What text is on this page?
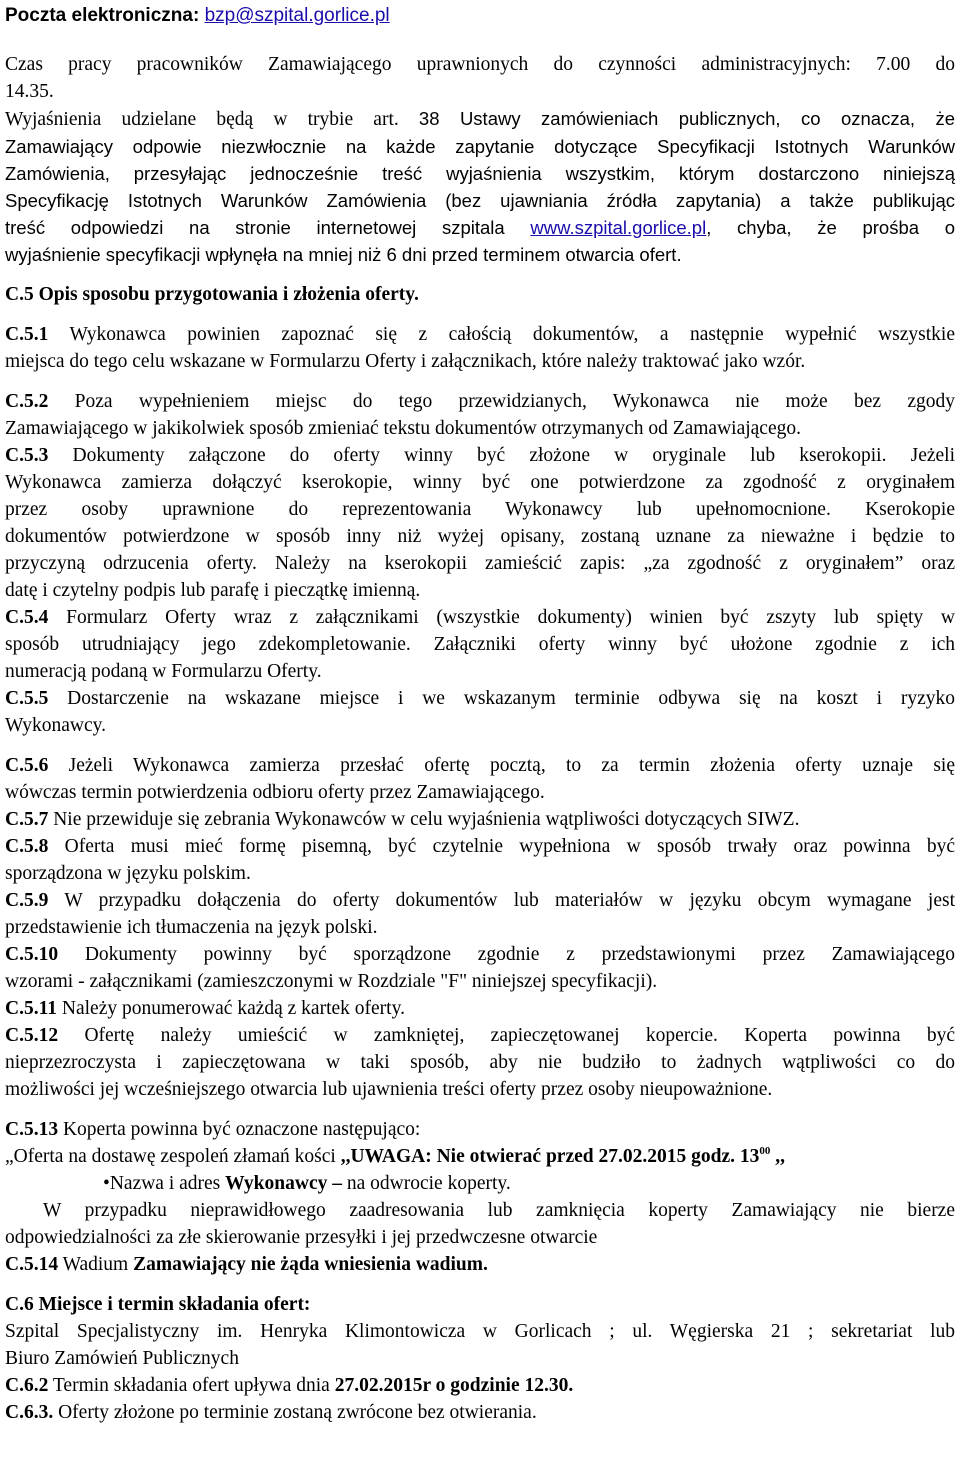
Poczta elektroniczna: bzp@szpital.gorlice.pl
Czas pracy pracowników Zamawiającego uprawnionych do czynności administracyjnych: 7.00 do
14.35.
Wyjaśnienia udzielane będą w trybie art. 38 Ustawy zamówieniach publicznych, co oznacza, że
Zamawiający odpowie niezwłocznie na każde zapytanie dotyczące Specyfikacji Istotnych Warunków
Zamówienia, przesyłając jednocześnie treść wyjaśnienia wszystkim, którym dostarczono niniejszą
Specyfikację Istotnych Warunków Zamówienia (bez ujawniania źródła zapytania) a także publikując
treść odpowiedzi na stronie internetowej szpitala www.szpital.gorlice.pl, chyba, że prośba o
wyjaśnienie specyfikacji wpłynęła na mniej niż 6 dni przed terminem otwarcia ofert.
C.5 Opis sposobu przygotowania i złożenia oferty.
C.5.1 Wykonawca powinien zapoznać się z całością dokumentów, a następnie wypełnić wszystkie
miejsca do tego celu wskazane w Formularzu Oferty i załącznikach, które należy traktować jako wzór.
C.5.2 Poza wypełnieniem miejsc do tego przewidzianych, Wykonawca nie może bez zgody
Zamawiającego w jakikolwiek sposób zmieniać tekstu dokumentów otrzymanych od Zamawiającego.
C.5.3 Dokumenty załączone do oferty winny być złożone w oryginale lub kserokopii. Jeżeli
Wykonawca zamierza dołączyć kserokopie, winny być one potwierdzone za zgodność z oryginałem
przez osoby uprawnione do reprezentowania Wykonawcy lub upełnomocnione. Kserokopie
dokumentów potwierdzone w sposób inny niż wyżej opisany, zostaną uznane za nieważne i będzie to
przyczyną odrzucenia oferty. Należy na kserokopii zamieścić zapis: „za zgodność z oryginałem” oraz
datę i czytelny podpis lub parafę i pieczątkę imienną.
C.5.4 Formularz Oferty wraz z załącznikami (wszystkie dokumenty) winien być zszyty lub spięty w
sposób utrudniający jego zdekompletowanie. Załączniki oferty winny być ułożone zgodnie z ich
numeracją podaną w Formularzu Oferty.
C.5.5 Dostarczenie na wskazane miejsce i we wskazanym terminie odbywa się na koszt i ryzyko
Wykonawcy.
C.5.6 Jeżeli Wykonawca zamierza przesłać ofertę pocztą, to za termin złożenia oferty uznaje się
wówczas termin potwierdzenia odbioru oferty przez Zamawiającego.
C.5.7 Nie przewiduje się zebrania Wykonawców w celu wyjaśnienia wątpliwości dotyczących SIWZ.
C.5.8 Oferta musi mieć formę pisemną, być czytelnie wypełniona w sposób trwały oraz powinna być
sporządzona w języku polskim.
C.5.9 W przypadku dołączenia do oferty dokumentów lub materiałów w języku obcym wymagane jest
przedstawienie ich tłumaczenia na język polski.
C.5.10 Dokumenty powinny być sporządzone zgodnie z przedstawionymi przez Zamawiającego
wzorami - załącznikami (zamieszczonymi w Rozdziale "F" niniejszej specyfikacji).
C.5.11 Należy ponumerować każdą z kartek oferty.
C.5.12 Ofertę należy umieścić w zamkniętej, zapieczętowanej kopercie. Koperta powinna być
nieprzezroczysta i zapieczętowana w taki sposób, aby nie budziło to żadnych wątpliwości co do
możliwości jej wcześniejszego otwarcia lub ujawnienia treści oferty przez osoby nieupoważnione.
C.5.13 Koperta powinna być oznaczone następująco:
„Oferta na dostawę zespoleń złamań kości ,,UWAGA: Nie otwierać przed 27.02.2015 godz. $13^{00}$ ,,
•Nazwa i adres Wykonawcy – na odwrocie koperty.
W przypadku nieprawidłowego zaadresowania lub zamknięcia koperty Zamawiający nie bierze
odpowiedzialności za złe skierowanie przesyłki i jej przedwczesne otwarcie
C.5.14 Wadium Zamawiający nie żąda wniesienia wadium.
C.6 Miejsce i termin składania ofert:
Szpital Specjalistyczny im. Henryka Klimontowicza w Gorlicach ; ul. Węgierska 21 ; sekretariat lub
Biuro Zamówień Publicznych
C.6.2 Termin składania ofert upływa dnia 27.02.2015r o godzinie 12.30.
C.6.3. Oferty złożone po terminie zostaną zwrócone bez otwierania.
